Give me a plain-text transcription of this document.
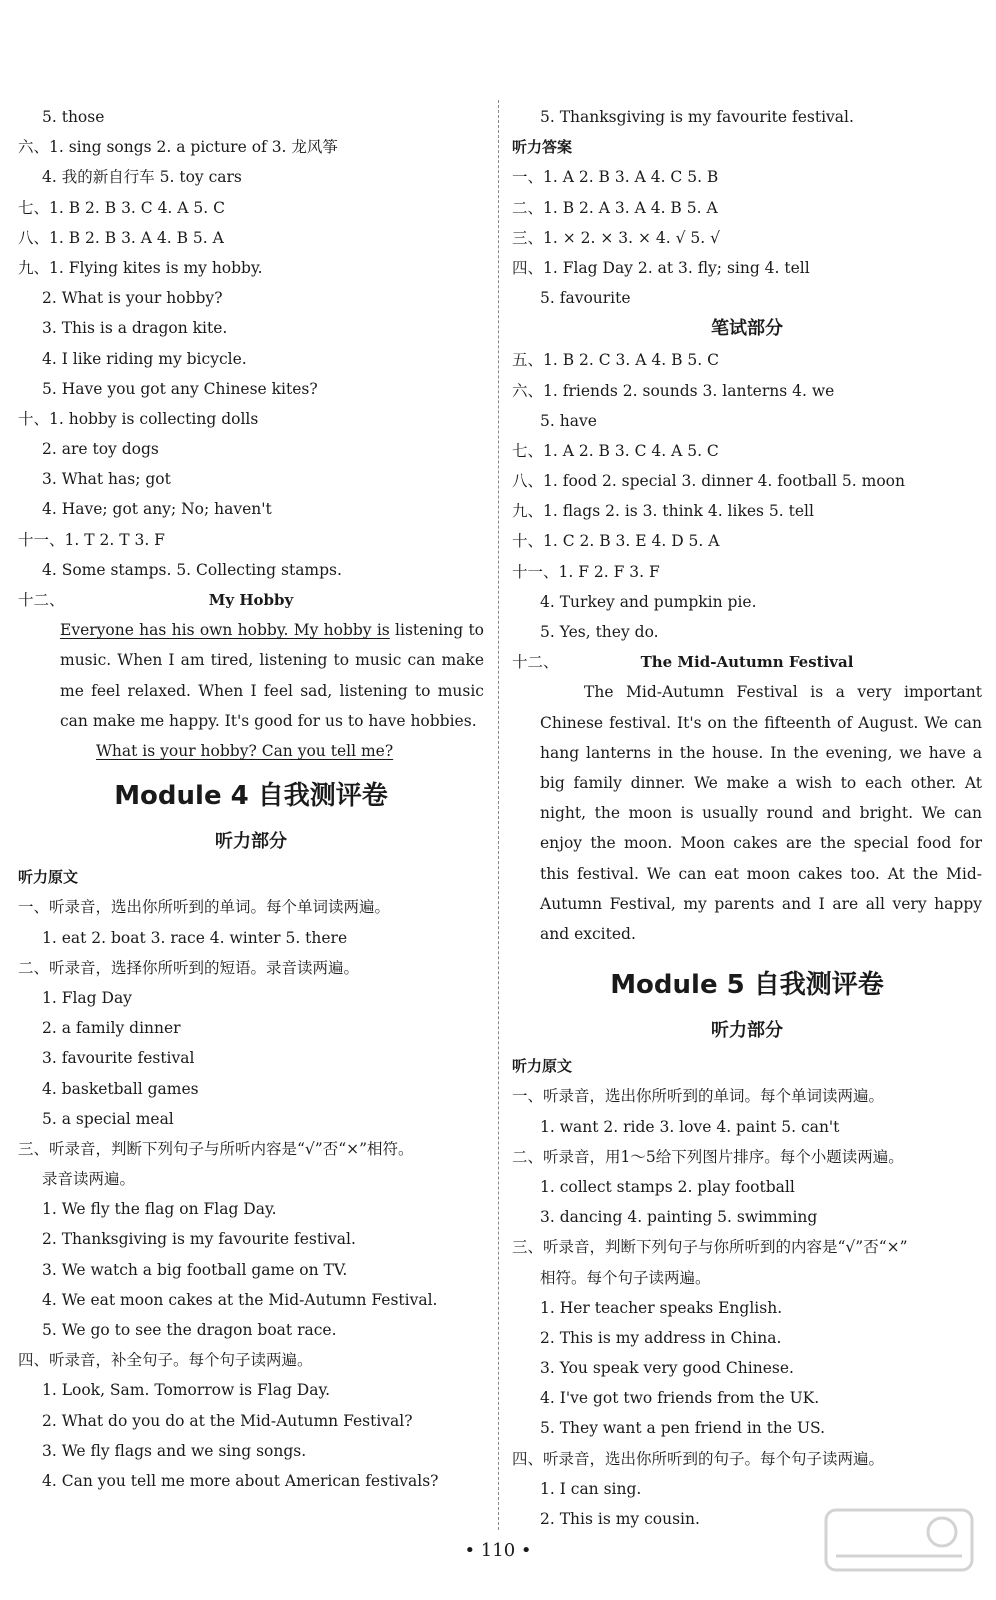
5. those
六、1. sing songs 2. a picture of 3. 龙风筝
4. 我的新自行车 5. toy cars
七、1. B 2. B 3. C 4. A 5. C
八、1. B 2. B 3. A 4. B 5. A
九、1. Flying kites is my hobby.
2. What is your hobby?
3. This is a dragon kite.
4. I like riding my bicycle.
5. Have you got any Chinese kites?
十、1. hobby is collecting dolls
2. are toy dogs
3. What has; got
4. Have; got any; No; haven't
十一、1. T 2. T 3. F
4. Some stamps. 5. Collecting stamps.
十二、	My Hobby
Everyone has his own hobby. My hobby is listening to music. When I am tired, listening to music can make me feel relaxed. When I feel sad, listening to music can make me happy. It's good for us to have hobbies.
What is your hobby? Can you tell me?
Module 4 自我测评卷
听力部分
听力原文
一、听录音，选出你所听到的单词。每个单词读两遍。
1. eat 2. boat 3. race 4. winter 5. there
二、听录音，选择你所听到的短语。录音读两遍。
1. Flag Day
2. a family dinner
3. favourite festival
4. basketball games
5. a special meal
三、听录音，判断下列句子与所听内容是“√”否“×”相符。
录音读两遍。
1. We fly the flag on Flag Day.
2. Thanksgiving is my favourite festival.
3. We watch a big football game on TV.
4. We eat moon cakes at the Mid-Autumn Festival.
5. We go to see the dragon boat race.
四、听录音，补全句子。每个句子读两遍。
1. Look, Sam. Tomorrow is Flag Day.
2. What do you do at the Mid-Autumn Festival?
3. We fly flags and we sing songs.
4. Can you tell me more about American festivals?
5. Thanksgiving is my favourite festival.
听力答案
一、1. A 2. B 3. A 4. C 5. B
二、1. B 2. A 3. A 4. B 5. A
三、1. × 2. × 3. × 4. √ 5. √
四、1. Flag Day 2. at 3. fly; sing 4. tell
5. favourite
笔试部分
五、1. B 2. C 3. A 4. B 5. C
六、1. friends 2. sounds 3. lanterns 4. we
5. have
七、1. A 2. B 3. C 4. A 5. C
八、1. food 2. special 3. dinner 4. football 5. moon
九、1. flags 2. is 3. think 4. likes 5. tell
十、1. C 2. B 3. E 4. D 5. A
十一、1. F 2. F 3. F
4. Turkey and pumpkin pie.
5. Yes, they do.
十二、	The Mid-Autumn Festival
The Mid-Autumn Festival is a very important Chinese festival. It's on the fifteenth of August. We can hang lanterns in the house. In the evening, we have a big family dinner. We make a wish to each other. At night, the moon is usually round and bright. We can enjoy the moon. Moon cakes are the special food for this festival. We can eat moon cakes too. At the Mid-Autumn Festival, my parents and I are all very happy and excited.
Module 5 自我测评卷
听力部分
听力原文
一、听录音，选出你所听到的单词。每个单词读两遍。
1. want 2. ride 3. love 4. paint 5. can't
二、听录音，用1～5给下列图片排序。每个小题读两遍。
1. collect stamps 2. play football
3. dancing 4. painting 5. swimming
三、听录音，判断下列句子与你所听到的内容是“√”否“×”
相符。每个句子读两遍。
1. Her teacher speaks English.
2. This is my address in China.
3. You speak very good Chinese.
4. I've got two friends from the UK.
5. They want a pen friend in the US.
四、听录音，选出你所听到的句子。每个句子读两遍。
1. I can sing.
2. This is my cousin.
• 110 •
